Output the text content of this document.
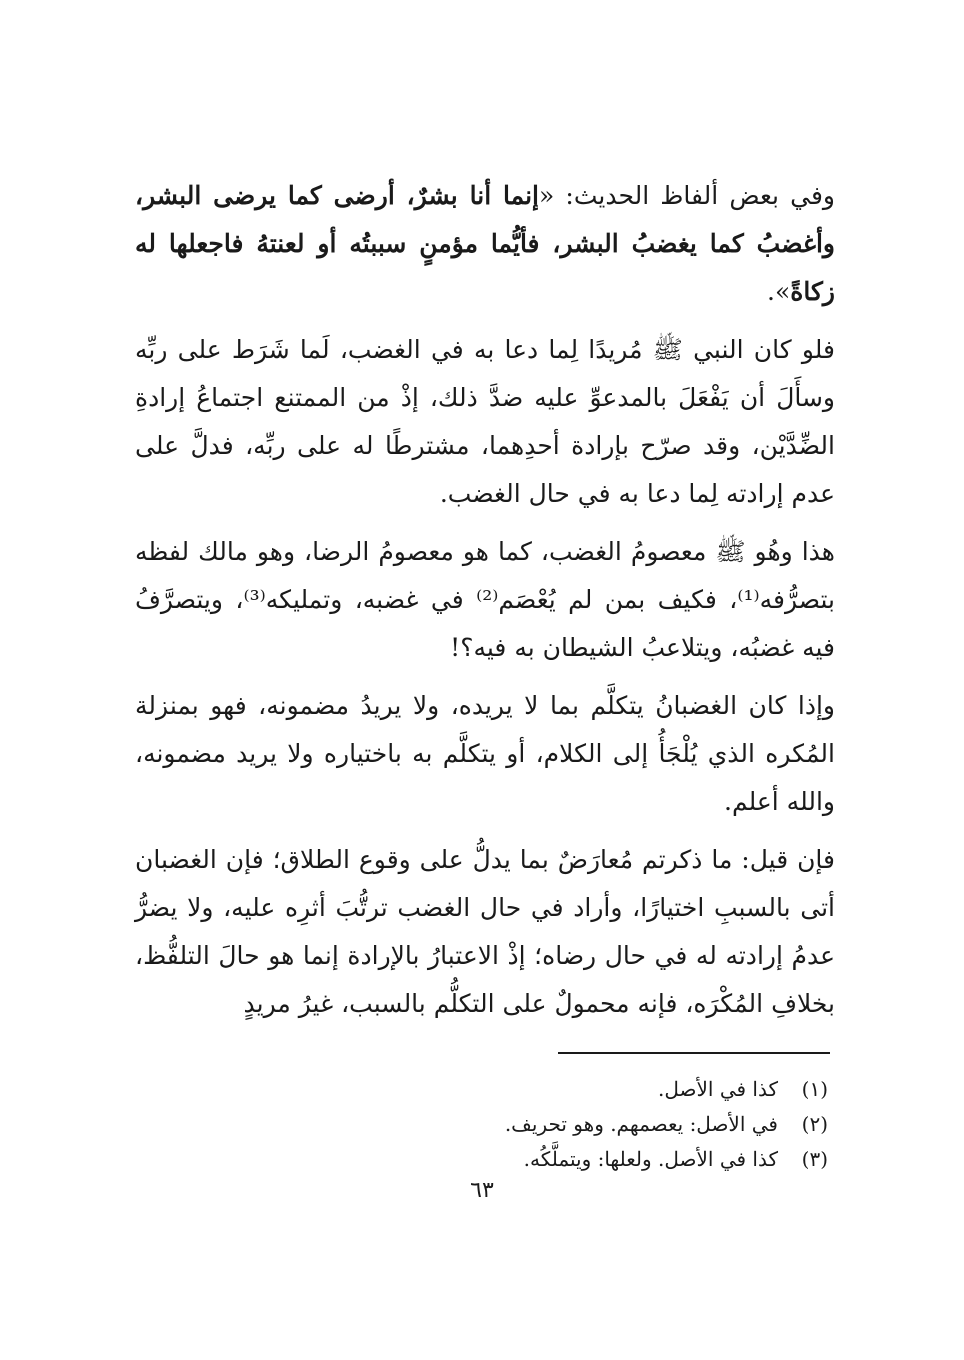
وفي بعض ألفاظ الحديث: «إنما أنا بشرٌ، أرضى كما يرضى البشر، وأغضبُ كما يغضبُ البشر، فأيُّما مؤمنٍ سببتُه أو لعنتهُ فاجعلها له زكاةً».

فلو كان النبي ﷺ مُريدًا لِما دعا به في الغضب، لَما شَرَط على ربِّه وسأَلَ أن يَفْعَلَ بالمدعوِّ عليه ضدَّ ذلك، إذْ من الممتنع اجتماعُ إرادةِ الضِّدَّيْن، وقد صرّح بإرادة أحدِهما، مشترطًا له على ربِّه، فدلَّ على عدم إرادته لِما دعا به في حال الغضب.

هذا وهُو ﷺ معصومُ الغضب، كما هو معصومُ الرضا، وهو مالك لفظه بتصرُّفه⁽¹⁾، فكيف بمن لم يُعْصَم⁽²⁾ في غضبه، وتمليكه⁽³⁾، ويتصرَّفُ فيه غضبُه، ويتلاعبُ الشيطان به فيه؟!

وإذا كان الغضبانُ يتكلَّم بما لا يريده، ولا يريدُ مضمونه، فهو بمنزلة المُكره الذي يُلْجَأُ إلى الكلام، أو يتكلَّم به باختياره ولا يريد مضمونه، والله أعلم.

فإن قيل: ما ذكرتم مُعارَضٌ بما يدلُّ على وقوع الطلاق؛ فإن الغضبان أتى بالسببِ اختيارًا، وأراد في حال الغضب ترتُّبَ أثرِه عليه، ولا يضرُّ عدمُ إرادته له في حال رضاه؛ إذْ الاعتبارُ بالإرادة إنما هو حالَ التلفُّظ، بخلافِ المُكْرَه، فإنه محمولٌ على التكلُّم بالسبب، غيرُ مريدٍ

(١)
كذا في الأصل.
(٢)
في الأصل: يعصمهم. وهو تحريف.
(٣)
كذا في الأصل. ولعلها: ويتملَّكُه.
٦٣
